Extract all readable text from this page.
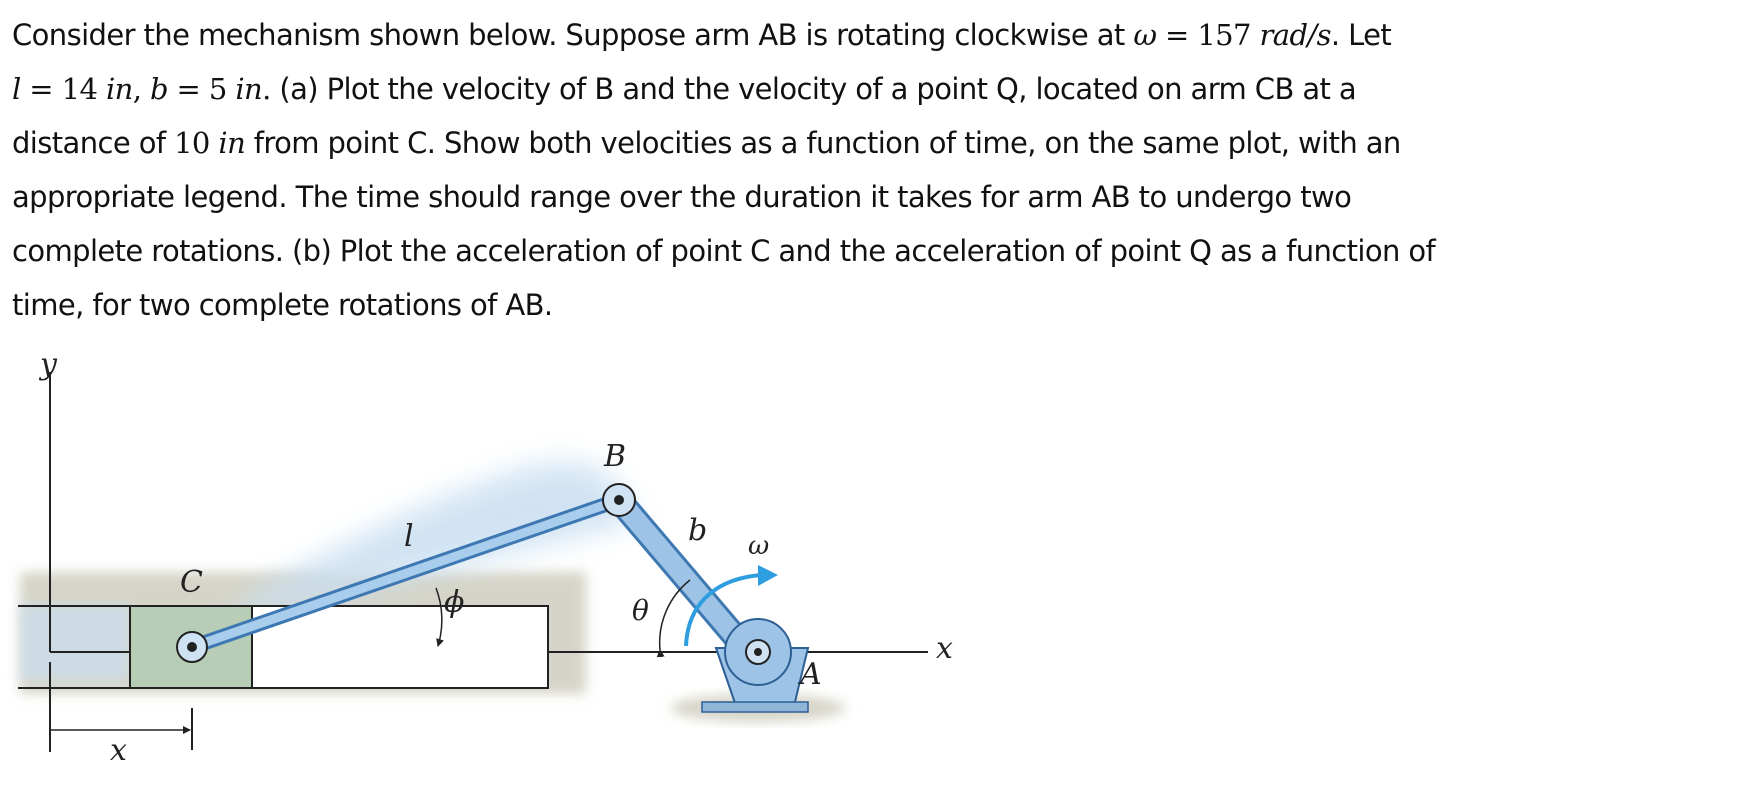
Consider the mechanism shown below. Suppose arm AB is rotating clockwise at ω = 157 rad/s. Let
l = 14 in, b = 5 in. (a) Plot the velocity of B and the velocity of a point Q, located on arm CB at a
distance of 10 in from point C. Show both velocities as a function of time, on the same plot, with an
appropriate legend. The time should range over the duration it takes for arm AB to undergo two
complete rotations. (b) Plot the acceleration of point C and the acceleration of point Q as a function of
time, for two complete rotations of AB.
y
x
x
C
B
A
l	b
ϕ	θ
ω
